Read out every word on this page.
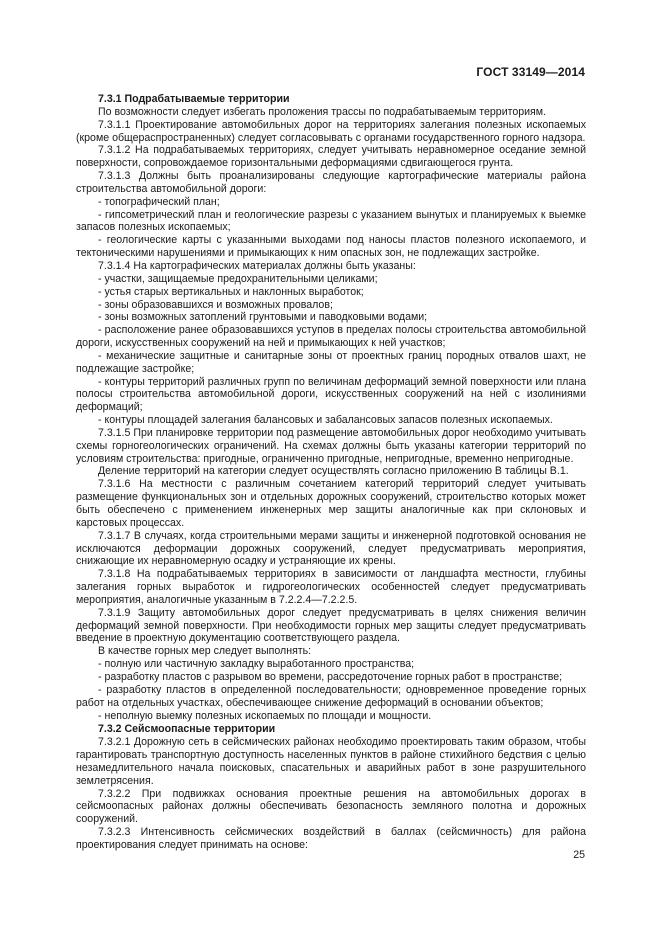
ГОСТ 33149—2014

7.3.1 Подрабатываемые территории

По возможности следует избегать проложения трассы по подрабатываемым территориям.

7.3.1.1 Проектирование автомобильных дорог на территориях залегания полезных ископаемых (кроме общераспространенных) следует согласовывать с органами государственного горного надзора.

7.3.1.2 На подрабатываемых территориях, следует учитывать неравномерное оседание земной поверхности, сопровождаемое горизонтальными деформациями сдвигающегося грунта.

7.3.1.3 Должны быть проанализированы следующие картографические материалы района строительства автомобильной дороги:

- топографический план;

- гипсометрический план и геологические разрезы с указанием вынутых и планируемых к выемке запасов полезных ископаемых;

- геологические карты с указанными выходами под наносы пластов полезного ископаемого, и тектоническими нарушениями и примыкающих к ним опасных зон, не подлежащих застройке.

7.3.1.4 На картографических материалах должны быть указаны:

- участки, защищаемые предохранительными целиками;

- устья старых вертикальных и наклонных выработок;

- зоны образовавшихся и возможных провалов;

- зоны возможных затоплений грунтовыми и паводковыми водами;

- расположение ранее образовавшихся уступов в пределах полосы строительства автомобильной дороги, искусственных сооружений на ней и примыкающих к ней участков;

- механические защитные и санитарные зоны от проектных границ породных отвалов шахт, не подлежащие застройке;

- контуры территорий различных групп по величинам деформаций земной поверхности или плана полосы строительства автомобильной дороги, искусственных сооружений на ней с изолиниями деформаций;

- контуры площадей залегания балансовых и забалансовых запасов полезных ископаемых.

7.3.1.5 При планировке территории под размещение автомобильных дорог необходимо учитывать схемы горногеологических ограничений. На схемах должны быть указаны категории территорий по условиям строительства: пригодные, ограниченно пригодные, непригодные, временно непригодные.

Деление территорий на категории следует осуществлять согласно приложению В таблицы В.1.

7.3.1.6 На местности с различным сочетанием категорий территорий следует учитывать размещение функциональных зон и отдельных дорожных сооружений, строительство которых может быть обеспечено с применением инженерных мер защиты аналогичные как при склоновых и карстовых процессах.

7.3.1.7 В случаях, когда строительными мерами защиты и инженерной подготовкой основания не исключаются деформации дорожных сооружений, следует предусматривать мероприятия, снижающие их неравномерную осадку и устраняющие их крены.

7.3.1.8 На подрабатываемых территориях в зависимости от ландшафта местности, глубины залегания горных выработок и гидрогеологических особенностей следует предусматривать мероприятия, аналогичные указанным в 7.2.2.4—7.2.2.5.

7.3.1.9 Защиту автомобильных дорог следует предусматривать в целях снижения величин деформаций земной поверхности. При необходимости горных мер защиты следует предусматривать введение в проектную документацию соответствующего раздела.

В качестве горных мер следует выполнять:

- полную или частичную закладку выработанного пространства;

- разработку пластов с разрывом во времени, рассредоточение горных работ в пространстве;

- разработку пластов в определенной последовательности; одновременное проведение горных работ на отдельных участках, обеспечивающее снижение деформаций в основании объектов;

- неполную выемку полезных ископаемых по площади и мощности.

7.3.2 Сейсмоопасные территории

7.3.2.1 Дорожную сеть в сейсмических районах необходимо проектировать таким образом, чтобы гарантировать транспортную доступность населенных пунктов в районе стихийного бедствия с целью незамедлительного начала поисковых, спасательных и аварийных работ в зоне разрушительного землетрясения.

7.3.2.2 При подвижках основания проектные решения на автомобильных дорогах в сейсмоопасных районах должны обеспечивать безопасность земляного полотна и дорожных сооружений.

7.3.2.3 Интенсивность сейсмических воздействий в баллах (сейсмичность) для района проектирования следует принимать на основе:

25
